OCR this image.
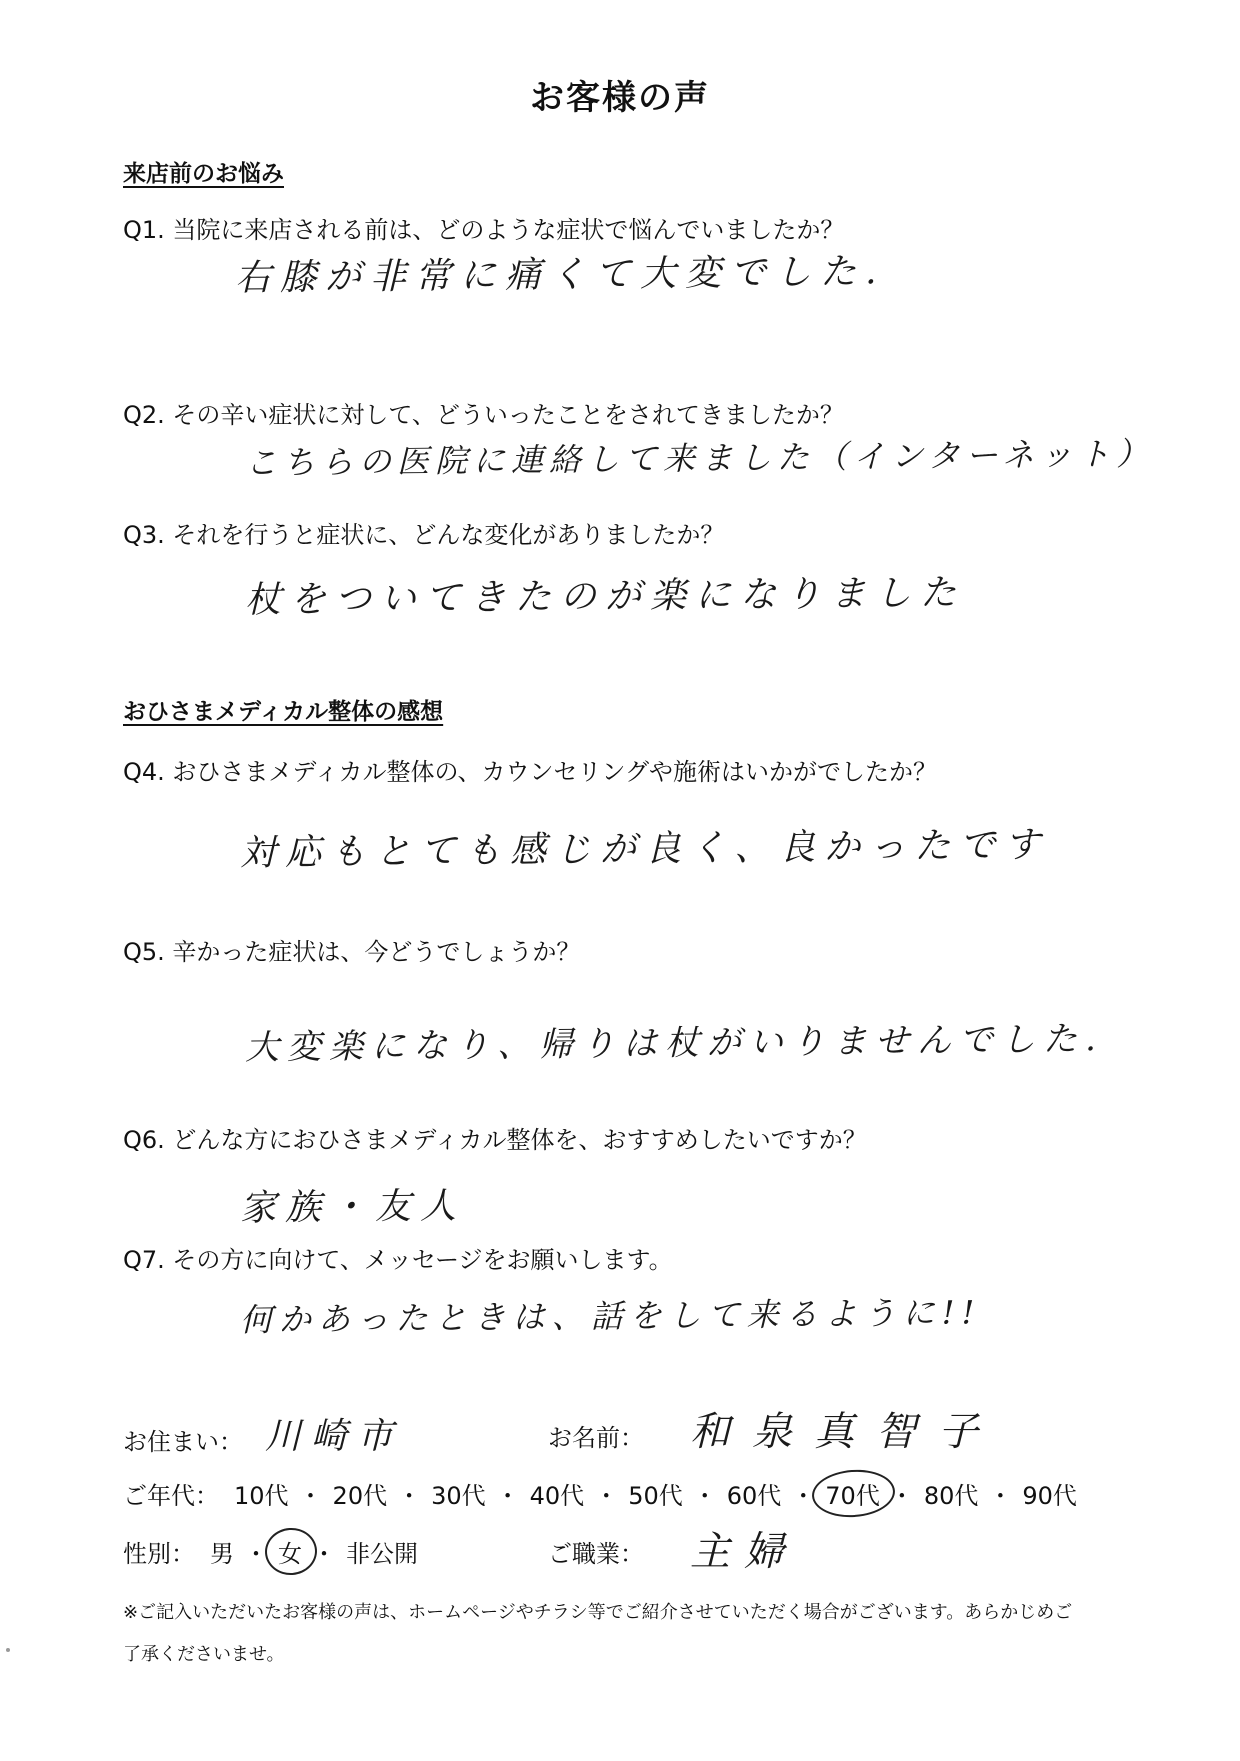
お客様の声
来店前のお悩み
Q1. 当院に来店される前は、どのような症状で悩んでいましたか？
右膝が非常に痛くて大変でした.
Q2. その辛い症状に対して、どういったことをされてきましたか？
こちらの医院に連絡して来ました（インターネット）
Q3. それを行うと症状に、どんな変化がありましたか？
杖をついてきたのが楽になりました
おひさまメディカル整体の感想
Q4. おひさまメディカル整体の、カウンセリングや施術はいかがでしたか？
対応もとても感じが良く、良かったです
Q5. 辛かった症状は、今どうでしょうか？
大変楽になり、帰りは杖がいりませんでした.
Q6. どんな方におひさまメディカル整体を、おすすめしたいですか？
家族・友人
Q7. その方に向けて、メッセージをお願いします。
何かあったときは、話をして来るように!!
お住まい： 川崎市	お名前： 和泉真智子
ご年代： 10代 ・ 20代 ・ 30代 ・ 40代 ・ 50代 ・ 60代 ・ 70代 ・ 80代 ・ 90代
性別： 男 ・ 女 ・ 非公開	ご職業： 主婦
※ご記入いただいたお客様の声は、ホームページやチラシ等でご紹介させていただく場合がございます。あらかじめご
了承くださいませ。
